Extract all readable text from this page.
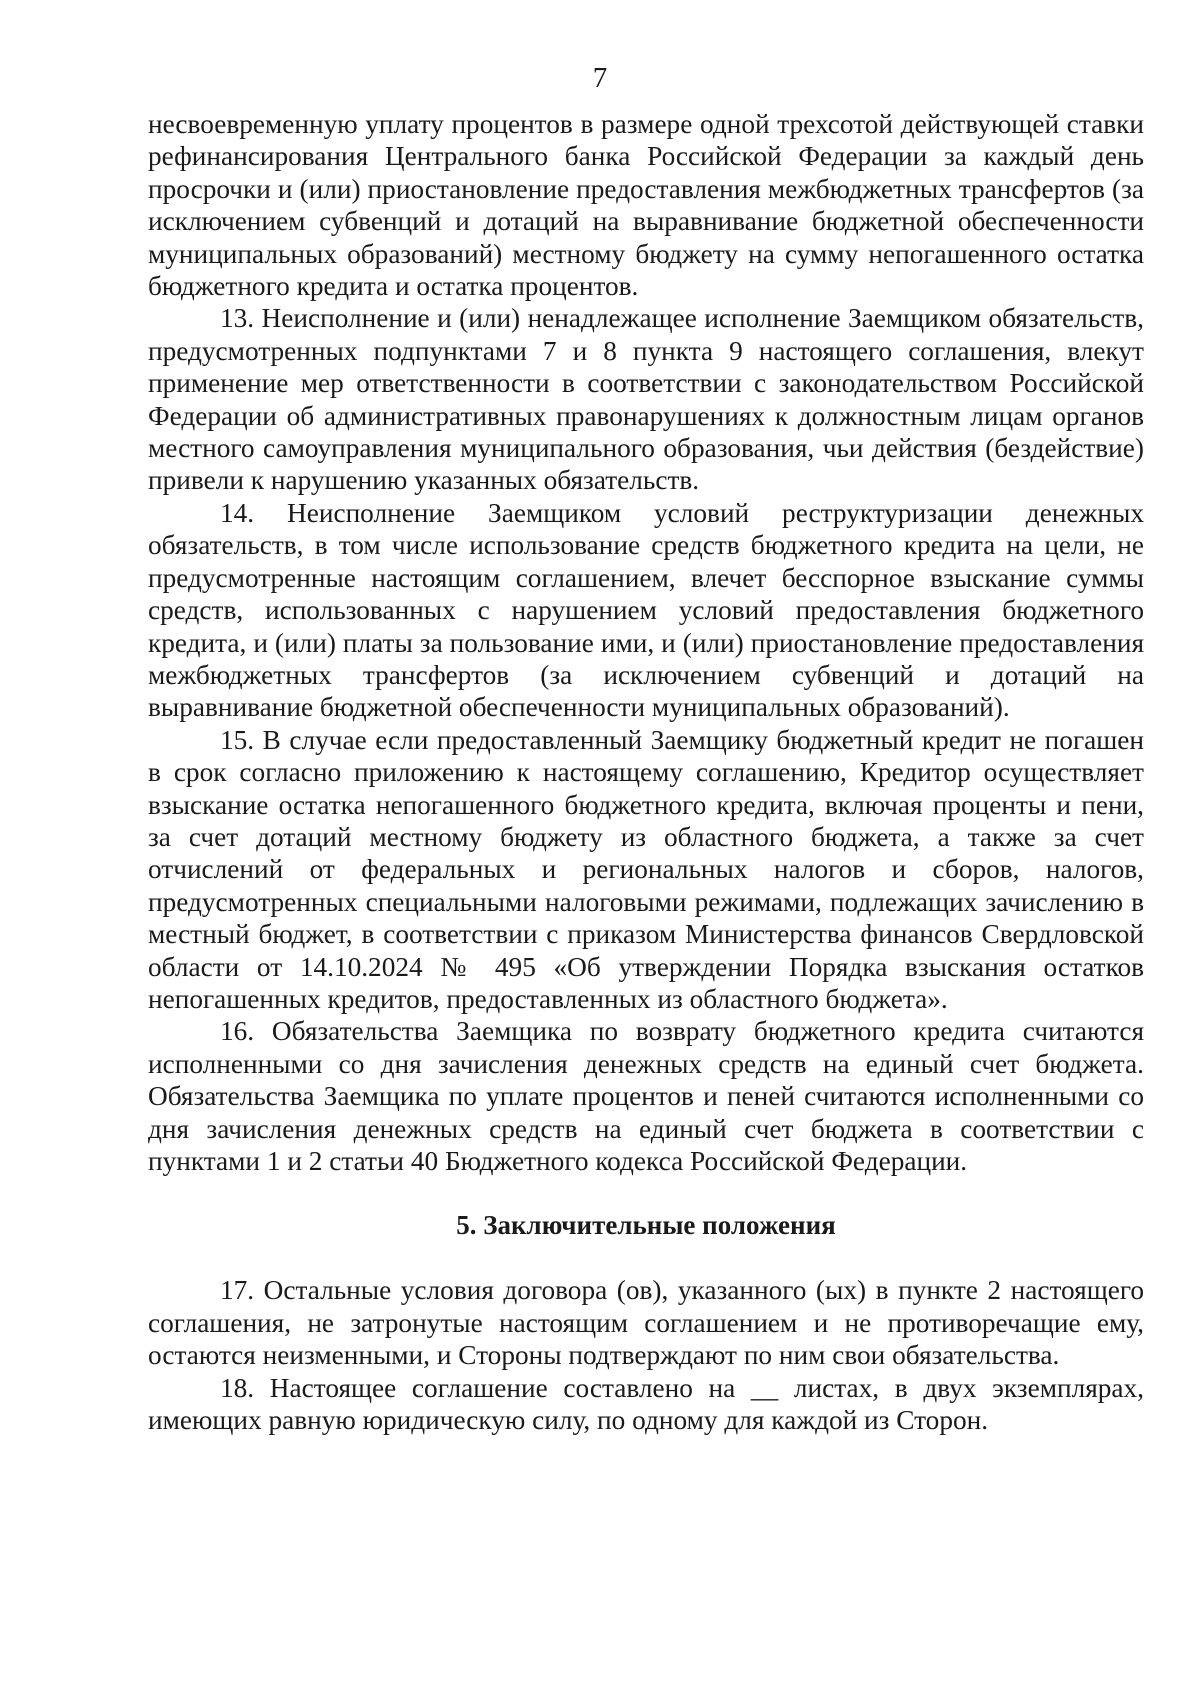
7

несвоевременную уплату процентов в размере одной трехсотой действующей ставки рефинансирования Центрального банка Российской Федерации за каждый день просрочки и (или) приостановление предоставления межбюджетных трансфертов (за исключением субвенций и дотаций на выравнивание бюджетной обеспеченности муниципальных образований) местному бюджету на сумму непогашенного остатка бюджетного кредита и остатка процентов.

13. Неисполнение и (или) ненадлежащее исполнение Заемщиком обязательств, предусмотренных подпунктами 7 и 8 пункта 9 настоящего соглашения, влекут применение мер ответственности в соответствии с законодательством Российской Федерации об административных правонарушениях к должностным лицам органов местного самоуправления муниципального образования, чьи действия (бездействие) привели к нарушению указанных обязательств.

14. Неисполнение Заемщиком условий реструктуризации денежных обязательств, в том числе использование средств бюджетного кредита на цели, не предусмотренные настоящим соглашением, влечет бесспорное взыскание суммы средств, использованных с нарушением условий предоставления бюджетного кредита, и (или) платы за пользование ими, и (или) приостановление предоставления межбюджетных трансфертов (за исключением субвенций и дотаций на выравнивание бюджетной обеспеченности муниципальных образований).

15. В случае если предоставленный Заемщику бюджетный кредит не погашен в срок согласно приложению к настоящему соглашению, Кредитор осуществляет взыскание остатка непогашенного бюджетного кредита, включая проценты и пени, за счет дотаций местному бюджету из областного бюджета, а также за счет отчислений от федеральных и региональных налогов и сборов, налогов, предусмотренных специальными налоговыми режимами, подлежащих зачислению в местный бюджет, в соответствии с приказом Министерства финансов Свердловской области от 14.10.2024 № 495 «Об утверждении Порядка взыскания остатков непогашенных кредитов, предоставленных из областного бюджета».

16. Обязательства Заемщика по возврату бюджетного кредита считаются исполненными со дня зачисления денежных средств на единый счет бюджета. Обязательства Заемщика по уплате процентов и пеней считаются исполненными со дня зачисления денежных средств на единый счет бюджета в соответствии с пунктами 1 и 2 статьи 40 Бюджетного кодекса Российской Федерации.

5. Заключительные положения

17. Остальные условия договора (ов), указанного (ых) в пункте 2 настоящего соглашения, не затронутые настоящим соглашением и не противоречащие ему, остаются неизменными, и Стороны подтверждают по ним свои обязательства.

18. Настоящее соглашение составлено на __ листах, в двух экземплярах, имеющих равную юридическую силу, по одному для каждой из Сторон.
